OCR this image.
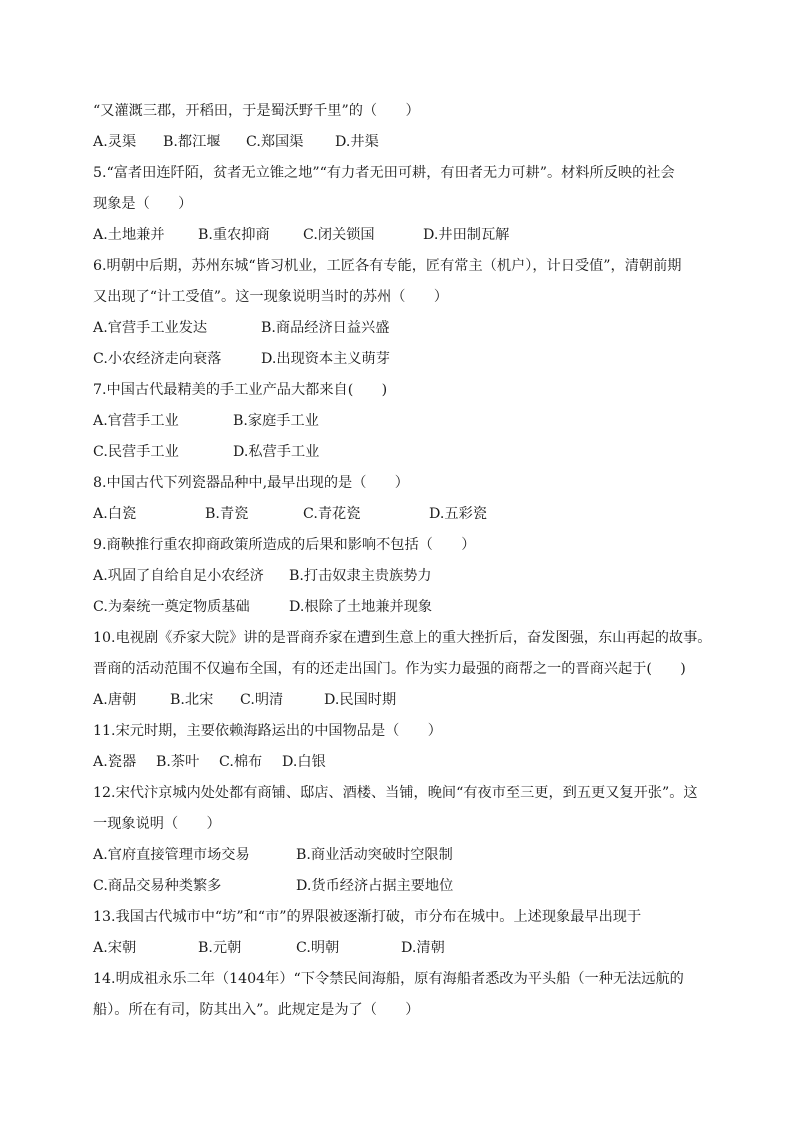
“又灌溉三郡，开稻田，于是蜀沃野千里”的（　　）

A.灵渠 B.都江堰 C.郑国渠 D.井渠

5.“富者田连阡陌，贫者无立锥之地”“有力者无田可耕，有田者无力可耕”。材料所反映的社会

现象是（　　）

A.土地兼并 B.重农抑商 C.闭关锁国	D.井田制瓦解

6.明朝中后期，苏州东城“皆习机业，工匠各有专能，匠有常主（机户），计日受值”，清朝前期

又出现了“计工受值”。这一现象说明当时的苏州（　　）

A.官营手工业发达	B.商品经济日益兴盛
C.小农经济走向衰落	D.出现资本主义萌芽

7.中国古代最精美的手工业产品大都来自(　　)

A.官营手工业	B.家庭手工业
C.民营手工业	D.私营手工业

8.中国古代下列瓷器品种中,最早出现的是（　　）

A.白瓷	B.青瓷	C.青花瓷	D.五彩瓷

9.商鞅推行重农抑商政策所造成的后果和影响不包括（　　）

A.巩固了自给自足小农经济 B.打击奴隶主贵族势力
C.为秦统一奠定物质基础	D.根除了土地兼并现象

10.电视剧《乔家大院》讲的是晋商乔家在遭到生意上的重大挫折后，奋发图强，东山再起的故事。

晋商的活动范围不仅遍布全国，有的还走出国门。作为实力最强的商帮之一的晋商兴起于(　　)

A.唐朝 B.北宋 C.明清	D.民国时期

11.宋元时期，主要依赖海路运出的中国物品是（　　）

A.瓷器 B.茶叶 C.棉布 D.白银

12.宋代汴京城内处处都有商铺、邸店、酒楼、当铺，晚间“有夜市至三更，到五更又复开张”。这

一现象说明（　　）

A.官府直接管理市场交易	B.商业活动突破时空限制
C.商品交易种类繁多	D.货币经济占据主要地位

13.我国古代城市中“坊”和“市”的界限被逐渐打破，市分布在城中。上述现象最早出现于

A.宋朝	B.元朝	C.明朝	D.清朝

14.明成祖永乐二年（1404年）“下令禁民间海船，原有海船者悉改为平头船（一种无法远航的

船）。所在有司，防其出入”。此规定是为了（　　）
